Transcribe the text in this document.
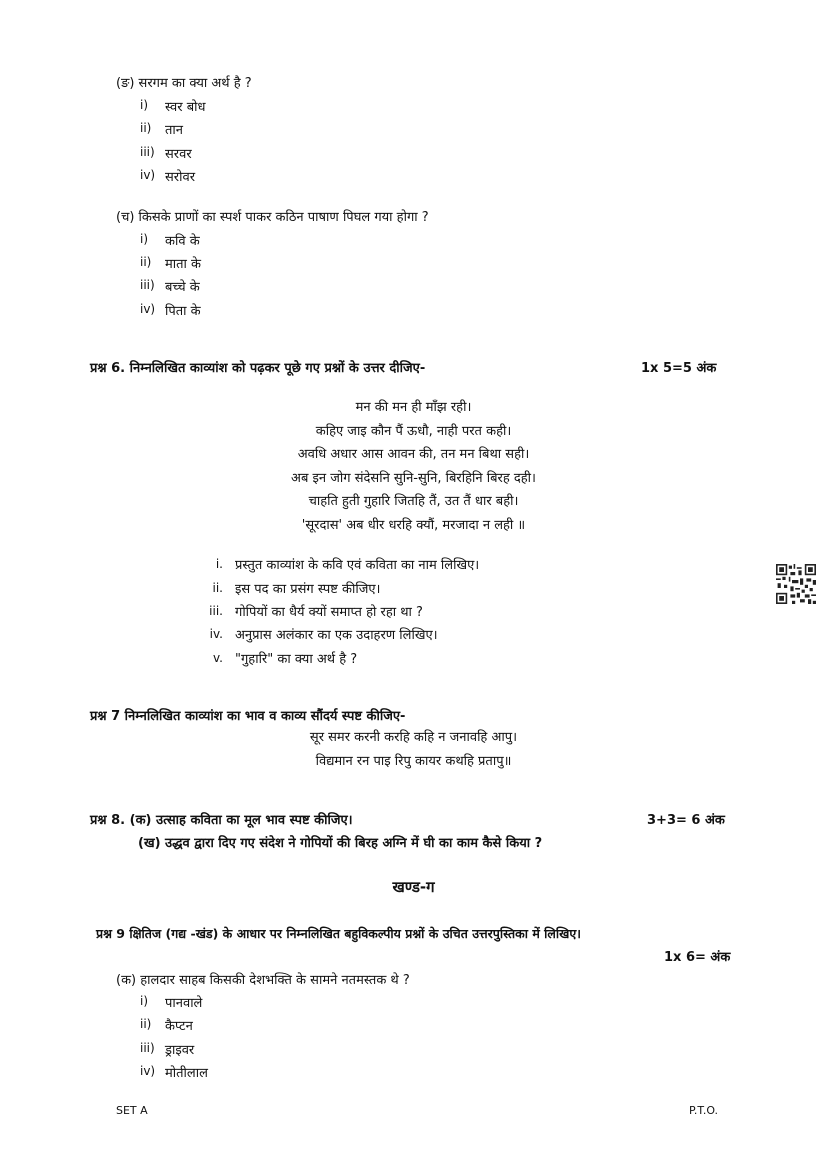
(ङ) सरगम का क्या अर्थ है ?
i) स्वर बोध
ii) तान
iii) सरवर
iv) सरोवर
(च) किसके प्राणों का स्पर्श पाकर कठिन पाषाण पिघल गया होगा ?
i) कवि के
ii) माता के
iii) बच्चे के
iv) पिता के
प्रश्न 6. निम्नलिखित काव्यांश को पढ़कर पूछे गए प्रश्नों के उत्तर दीजिए-	1x 5=5 अंक
मन की मन ही माँझ रही।
कहिए जाइ कौन पैं ऊधौ, नाही परत कही।
अवधि अधार आस आवन की, तन मन बिथा सही।
अब इन जोग संदेसनि सुनि-सुनि, बिरहिनि बिरह दही।
चाहति हुती गुहारि जितहि तैं, उत तैं धार बही।
'सूरदास' अब धीर धरहि क्यौं, मरजादा न लही ॥
i. प्रस्तुत काव्यांश के कवि एवं कविता का नाम लिखिए।
ii. इस पद का प्रसंग स्पष्ट कीजिए।
iii. गोपियों का धैर्य क्यों समाप्त हो रहा था ?
iv. अनुप्रास अलंकार का एक उदाहरण लिखिए।
v. "गुहारि" का क्या अर्थ है ?
प्रश्न 7 निम्नलिखित काव्यांश का भाव व काव्य सौंदर्य स्पष्ट कीजिए-
सूर समर करनी करहि कहि न जनावहि आपु।
विद्यमान रन पाइ रिपु कायर कथहि प्रतापु॥
प्रश्न 8. (क) उत्साह कविता का मूल भाव स्पष्ट कीजिए।	3+3= 6 अंक
(ख) उद्धव द्वारा दिए गए संदेश ने गोपियों की बिरह अग्नि में घी का काम कैसे किया ?
खण्ड-ग
प्रश्न 9 क्षितिज (गद्य -खंड) के आधार पर निम्नलिखित बहुविकल्पीय प्रश्नों के उचित उत्तरपुस्तिका में लिखिए।
1x 6= अंक
(क) हालदार साहब किसकी देशभक्ति के सामने नतमस्तक थे ?
i) पानवाले
ii) कैप्टन
iii) ड्राइवर
iv) मोतीलाल
SET A	P.T.O.
